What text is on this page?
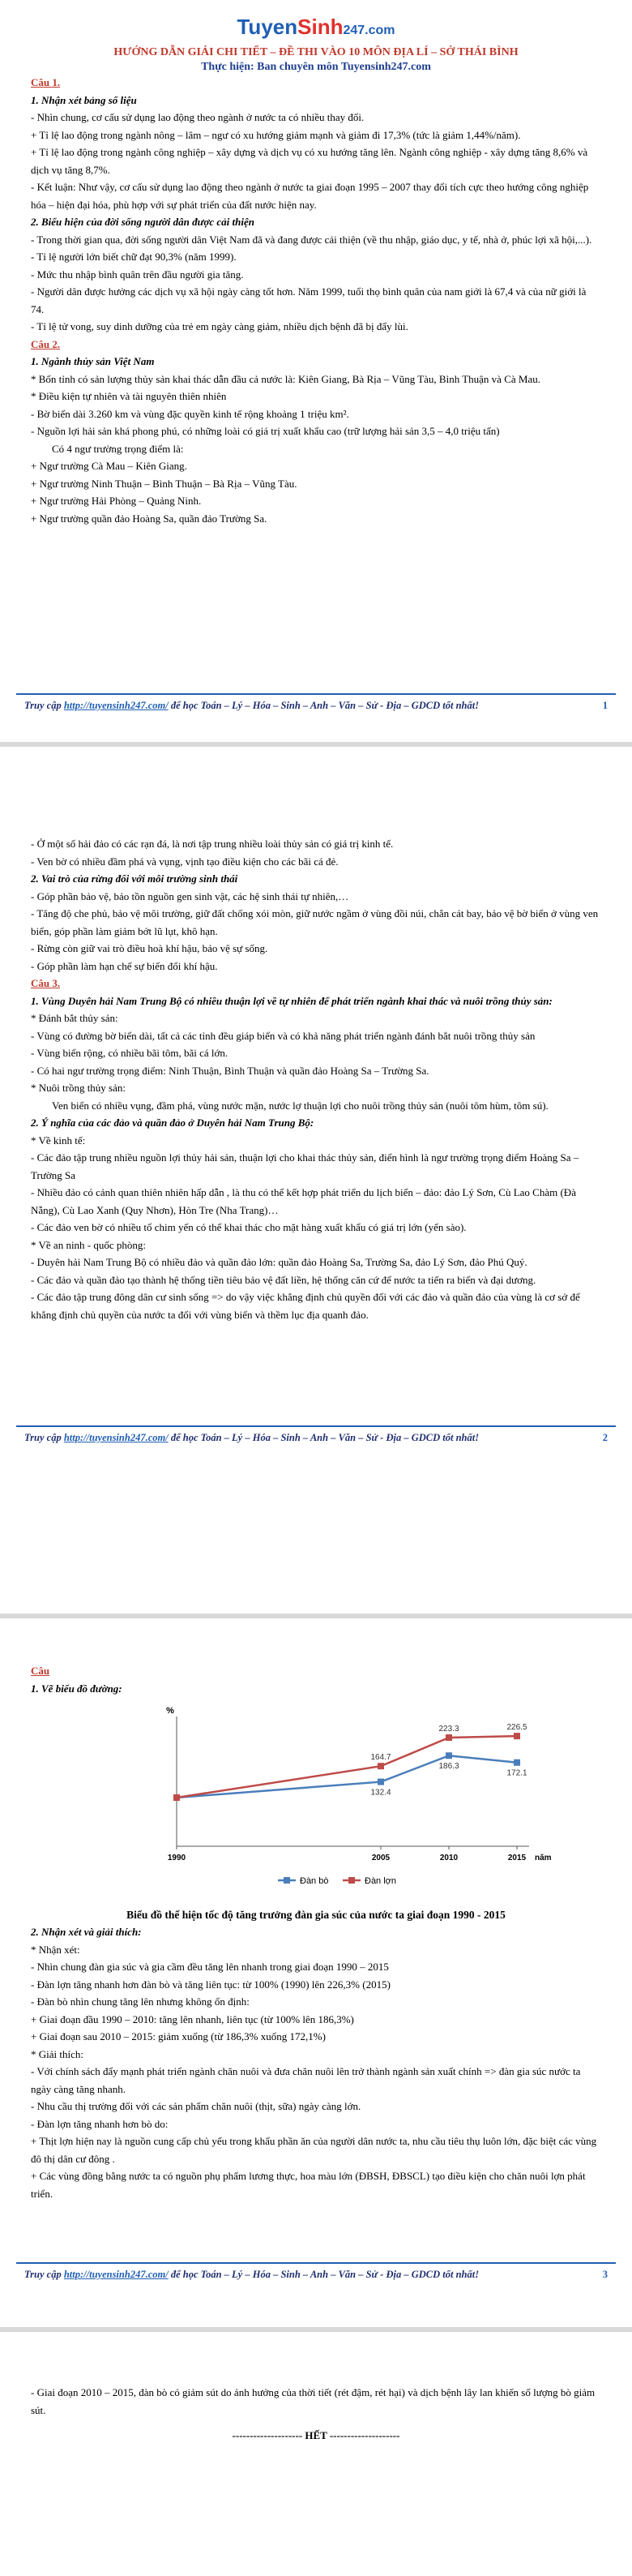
TuyenSinh247.com
HƯỚNG DẪN GIẢI CHI TIẾT – ĐỀ THI VÀO 10 MÔN ĐỊA LÍ – SỞ THÁI BÌNH
Thực hiện: Ban chuyên môn Tuyensinh247.com
Câu 1.
1. Nhận xét bảng số liệu
- Nhìn chung, cơ cấu sử dụng lao động theo ngành ở nước ta có nhiều thay đổi.
+ Tỉ lệ lao động trong ngành nông – lâm – ngư có xu hướng giảm mạnh và giảm đi 17,3% (tức là giảm 1,44%/năm).
+ Tỉ lệ lao động trong ngành công nghiệp – xây dựng và dịch vụ có xu hướng tăng lên. Ngành công nghiệp - xây dựng tăng 8,6% và dịch vụ tăng 8,7%.
- Kết luận: Như vậy, cơ cấu sử dụng lao động theo ngành ở nước ta giai đoạn 1995 – 2007 thay đổi tích cực theo hướng công nghiệp hóa – hiện đại hóa, phù hợp với sự phát triển của đất nước hiện nay.
2. Biểu hiện của đời sống người dân được cải thiện
- Trong thời gian qua, đời sống người dân Việt Nam đã và đang được cải thiện (về thu nhập, giáo dục, y tế, nhà ở, phúc lợi xã hội,...).
- Tỉ lệ người lớn biết chữ đạt 90,3% (năm 1999).
- Mức thu nhập bình quân trên đầu người gia tăng.
- Người dân được hưởng các dịch vụ xã hội ngày càng tốt hơn. Năm 1999, tuổi thọ bình quân của nam giới là 67,4 và của nữ giới là 74.
- Tỉ lệ tử vong, suy dinh dưỡng của trẻ em ngày càng giảm, nhiều dịch bệnh đã bị đẩy lùi.
Câu 2.
1. Ngành thủy sản Việt Nam
* Bốn tỉnh có sản lượng thủy sản khai thác dẫn đầu cả nước là: Kiên Giang, Bà Rịa – Vũng Tàu, Bình Thuận và Cà Mau.
* Điều kiện tự nhiên và tài nguyên thiên nhiên
- Bờ biển dài 3.260 km và vùng đặc quyền kinh tế rộng khoảng 1 triệu km².
- Nguồn lợi hải sản khá phong phú, có những loài có giá trị xuất khẩu cao (trữ lượng hải sản 3,5 – 4,0 triệu tấn)
Có 4 ngư trường trọng điểm là:
+ Ngư trường Cà Mau – Kiên Giang.
+ Ngư trường Ninh Thuận – Bình Thuận – Bà Rịa – Vũng Tàu.
+ Ngư trường Hải Phòng – Quảng Ninh.
+ Ngư trường quần đảo Hoàng Sa, quần đảo Trường Sa.
Truy cập http://tuyensinh247.com/ để học Toán – Lý – Hóa – Sinh – Anh – Văn – Sử - Địa – GDCD tốt nhất!	1
- Ở một số hải đảo có các rạn đá, là nơi tập trung nhiều loài thủy sản có giá trị kinh tế.
- Ven bờ có nhiều đầm phá và vụng, vịnh tạo điều kiện cho các bãi cá đẻ.
2. Vai trò của rừng đối với môi trường sinh thái
- Góp phần bảo vệ, bảo tồn nguồn gen sinh vật, các hệ sinh thái tự nhiên,…
- Tăng độ che phủ, bảo vệ môi trường, giữ đất chống xói mòn, giữ nước ngầm ở vùng đồi núi, chắn cát bay, bảo vệ bờ biển ở vùng ven biển, góp phần làm giảm bớt lũ lụt, khô hạn.
- Rừng còn giữ vai trò điều hoà khí hậu, bảo vệ sự sống.
- Góp phần làm hạn chế sự biến đổi khí hậu.
Câu 3.
1. Vùng Duyên hải Nam Trung Bộ có nhiều thuận lợi về tự nhiên để phát triển ngành khai thác và nuôi trồng thủy sản:
* Đánh bắt thủy sản:
- Vùng có đường bờ biển dài, tất cả các tỉnh đều giáp biển và có khả năng phát triển ngành đánh bắt nuôi trồng thủy sản
- Vùng biển rộng, có nhiều bãi tôm, bãi cá lớn.
- Có hai ngư trường trọng điểm: Ninh Thuận, Bình Thuận và quần đảo Hoàng Sa – Trường Sa.
* Nuôi trồng thủy sản:
Ven biển có nhiều vụng, đầm phá, vùng nước mặn, nước lợ thuận lợi cho nuôi trồng thủy sản (nuôi tôm hùm, tôm sú).
2. Ý nghĩa của các đảo và quần đảo ở Duyên hải Nam Trung Bộ:
* Về kinh tế:
- Các đảo tập trung nhiều nguồn lợi thủy hải sản, thuận lợi cho khai thác thủy sản, điển hình là ngư trường trọng điểm Hoàng Sa – Trường Sa
- Nhiều đảo có cảnh quan thiên nhiên hấp dẫn , là thu có thể kết hợp phát triển du lịch biển – đảo: đảo Lý Sơn, Cù Lao Chàm (Đà Nẵng), Cù Lao Xanh (Quy Nhơn), Hòn Tre (Nha Trang)…
- Các đảo ven bờ có nhiều tổ chim yến có thể khai thác cho mặt hàng xuất khẩu có giá trị lớn (yến sào).
* Về an ninh - quốc phòng:
- Duyên hải Nam Trung Bộ có nhiều đảo và quần đảo lớn: quần đảo Hoàng Sa, Trường Sa, đảo Lý Sơn, đảo Phú Quý.
- Các đảo và quần đảo tạo thành hệ thống tiền tiêu bảo vệ đất liền, hệ thống căn cứ để nước ta tiến ra biển và đại dương.
- Các đảo tập trung đông dân cư sinh sống => do vậy việc khẳng định chủ quyền đối với các đảo và quần đảo của vùng là cơ sở để khẳng định chủ quyền của nước ta đối với vùng biển và thềm lục địa quanh đảo.
Truy cập http://tuyensinh247.com/ để học Toán – Lý – Hóa – Sinh – Anh – Văn – Sử - Địa – GDCD tốt nhất!	2
Câu
1. Vẽ biểu đồ đường:
%
năm
1990	2005	2010	2015
132.4
186.3
172.1
164.7
223.3	226.5
Đàn bò	Đàn lợn
Biểu đồ thể hiện tốc độ tăng trưởng đàn gia súc của nước ta giai đoạn 1990 - 2015
2. Nhận xét và giải thích:
* Nhận xét:
- Nhìn chung đàn gia súc và gia cầm đều tăng lên nhanh trong giai đoạn 1990 – 2015
- Đàn lợn tăng nhanh hơn đàn bò và tăng liên tục: từ 100% (1990) lên 226,3% (2015)
- Đàn bò nhìn chung tăng lên nhưng không ổn định:
+ Giai đoạn đầu 1990 – 2010: tăng lên nhanh, liên tục (từ 100% lên 186,3%)
+ Giai đoạn sau 2010 – 2015: giảm xuống (từ 186,3% xuống 172,1%)
* Giải thích:
- Với chính sách đẩy mạnh phát triển ngành chăn nuôi và đưa chăn nuôi lên trở thành ngành sản xuất chính => đàn gia súc nước ta ngày càng tăng nhanh.
- Nhu cầu thị trường đối với các sản phẩm chăn nuôi (thịt, sữa) ngày càng lớn.
- Đàn lợn tăng nhanh hơn bò do:
+ Thịt lợn hiện nay là nguồn cung cấp chủ yếu trong khẩu phần ăn của người dân nước ta, nhu cầu tiêu thụ luôn lớn, đặc biệt các vùng đô thị dân cư đông .
+ Các vùng đồng bằng nước ta có nguồn phụ phẩm lương thực, hoa màu lớn (ĐBSH, ĐBSCL) tạo điều kiện cho chăn nuôi lợn phát triển.
Truy cập http://tuyensinh247.com/ để học Toán – Lý – Hóa – Sinh – Anh – Văn – Sử - Địa – GDCD tốt nhất!	3
- Giai đoạn 2010 – 2015, đàn bò có giảm sút do ảnh hưởng của thời tiết (rét đậm, rét hại) và dịch bệnh lây lan khiến số lượng bò giảm sút.
-------------------- HẾT --------------------
